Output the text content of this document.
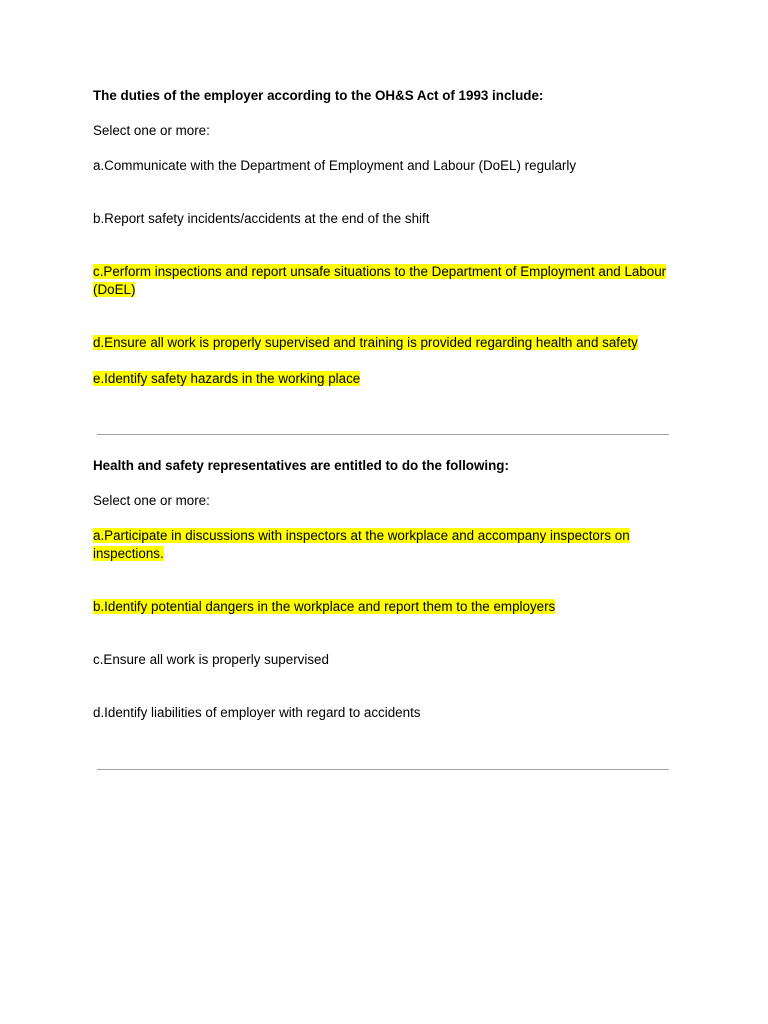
The duties of the employer according to the OH&S Act of 1993 include:

Select one or more:
a.Communicate with the Department of Employment and Labour (DoEL) regularly
b.Report safety incidents/accidents at the end of the shift
c.Perform inspections and report unsafe situations to the Department of Employment and Labour (DoEL)
d.Ensure all work is properly supervised and training is provided regarding health and safety
e.Identify safety hazards in the working place

Health and safety representatives are entitled to do the following:

Select one or more:
a.Participate in discussions with inspectors at the workplace and accompany inspectors on inspections.
b.Identify potential dangers in the workplace and report them to the employers
c.Ensure all work is properly supervised
d.Identify liabilities of employer with regard to accidents
